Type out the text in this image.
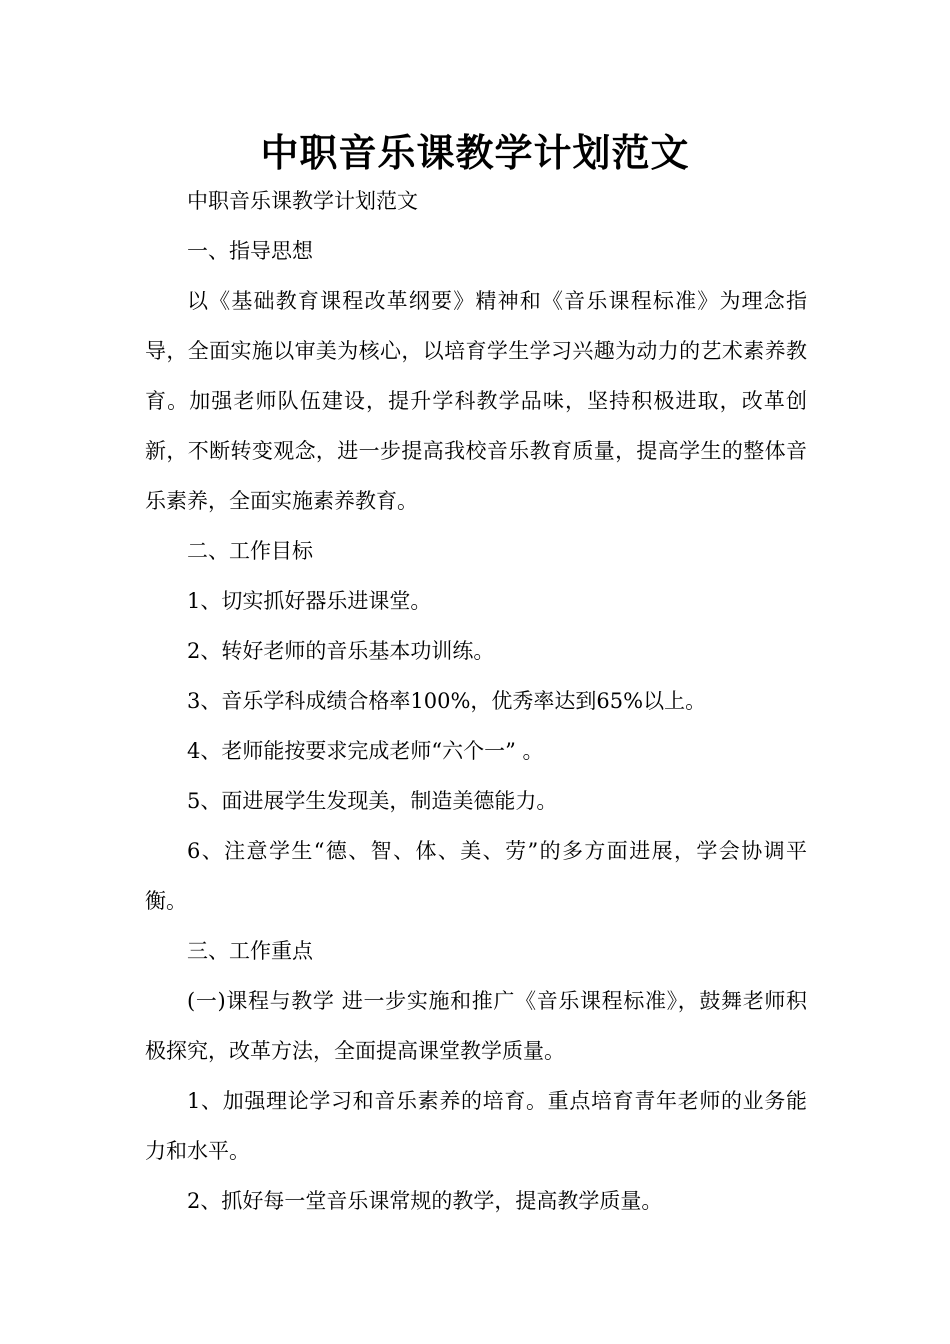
中职音乐课教学计划范文

中职音乐课教学计划范文

一、指导思想

以《基础教育课程改革纲要》精神和《音乐课程标准》为理念指导，全面实施以审美为核心，以培育学生学习兴趣为动力的艺术素养教育。加强老师队伍建设，提升学科教学品味，坚持积极进取，改革创新，不断转变观念，进一步提高我校音乐教育质量，提高学生的整体音乐素养，全面实施素养教育。

二、工作目标

1、切实抓好器乐进课堂。

2、转好老师的音乐基本功训练。

3、音乐学科成绩合格率100%，优秀率达到65%以上。

4、老师能按要求完成老师“六个一” 。

5、面进展学生发现美，制造美德能力。

6、注意学生“德、智、体、美、劳”的多方面进展，学会协调平衡。

三、工作重点

(一)课程与教学 进一步实施和推广《音乐课程标准》，鼓舞老师积极探究，改革方法，全面提高课堂教学质量。

1、加强理论学习和音乐素养的培育。重点培育青年老师的业务能力和水平。

2、抓好每一堂音乐课常规的教学，提高教学质量。
